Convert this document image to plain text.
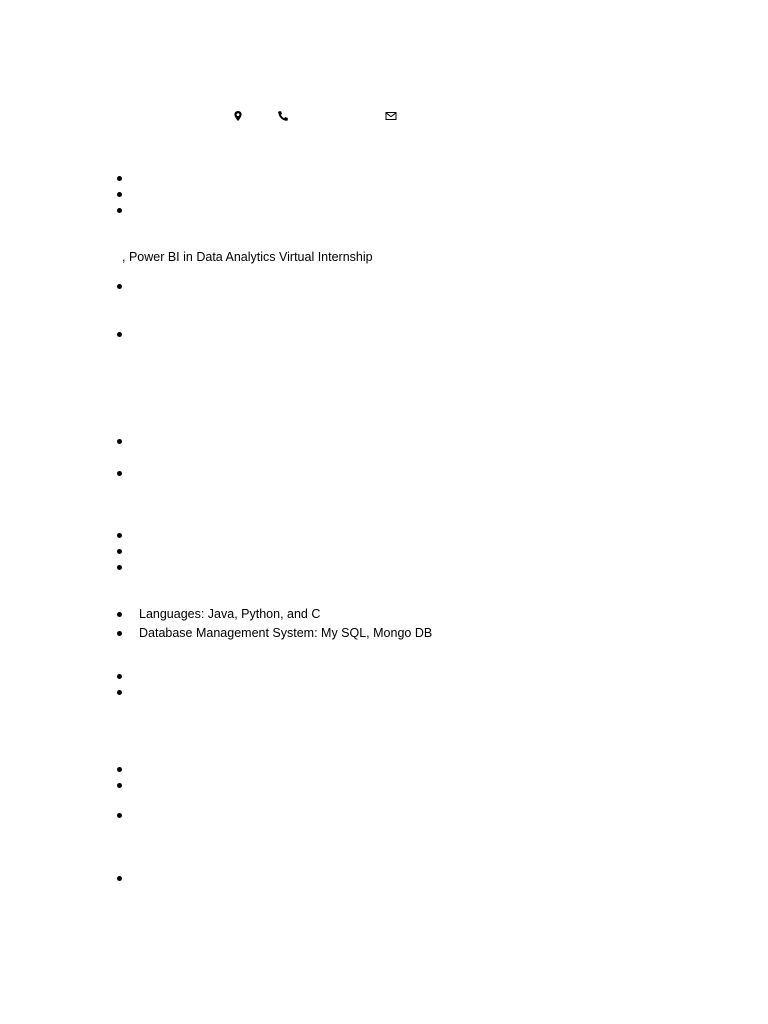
, Power BI in Data Analytics Virtual Internship
Languages: Java, Python, and C
Database Management System: My SQL, Mongo DB
